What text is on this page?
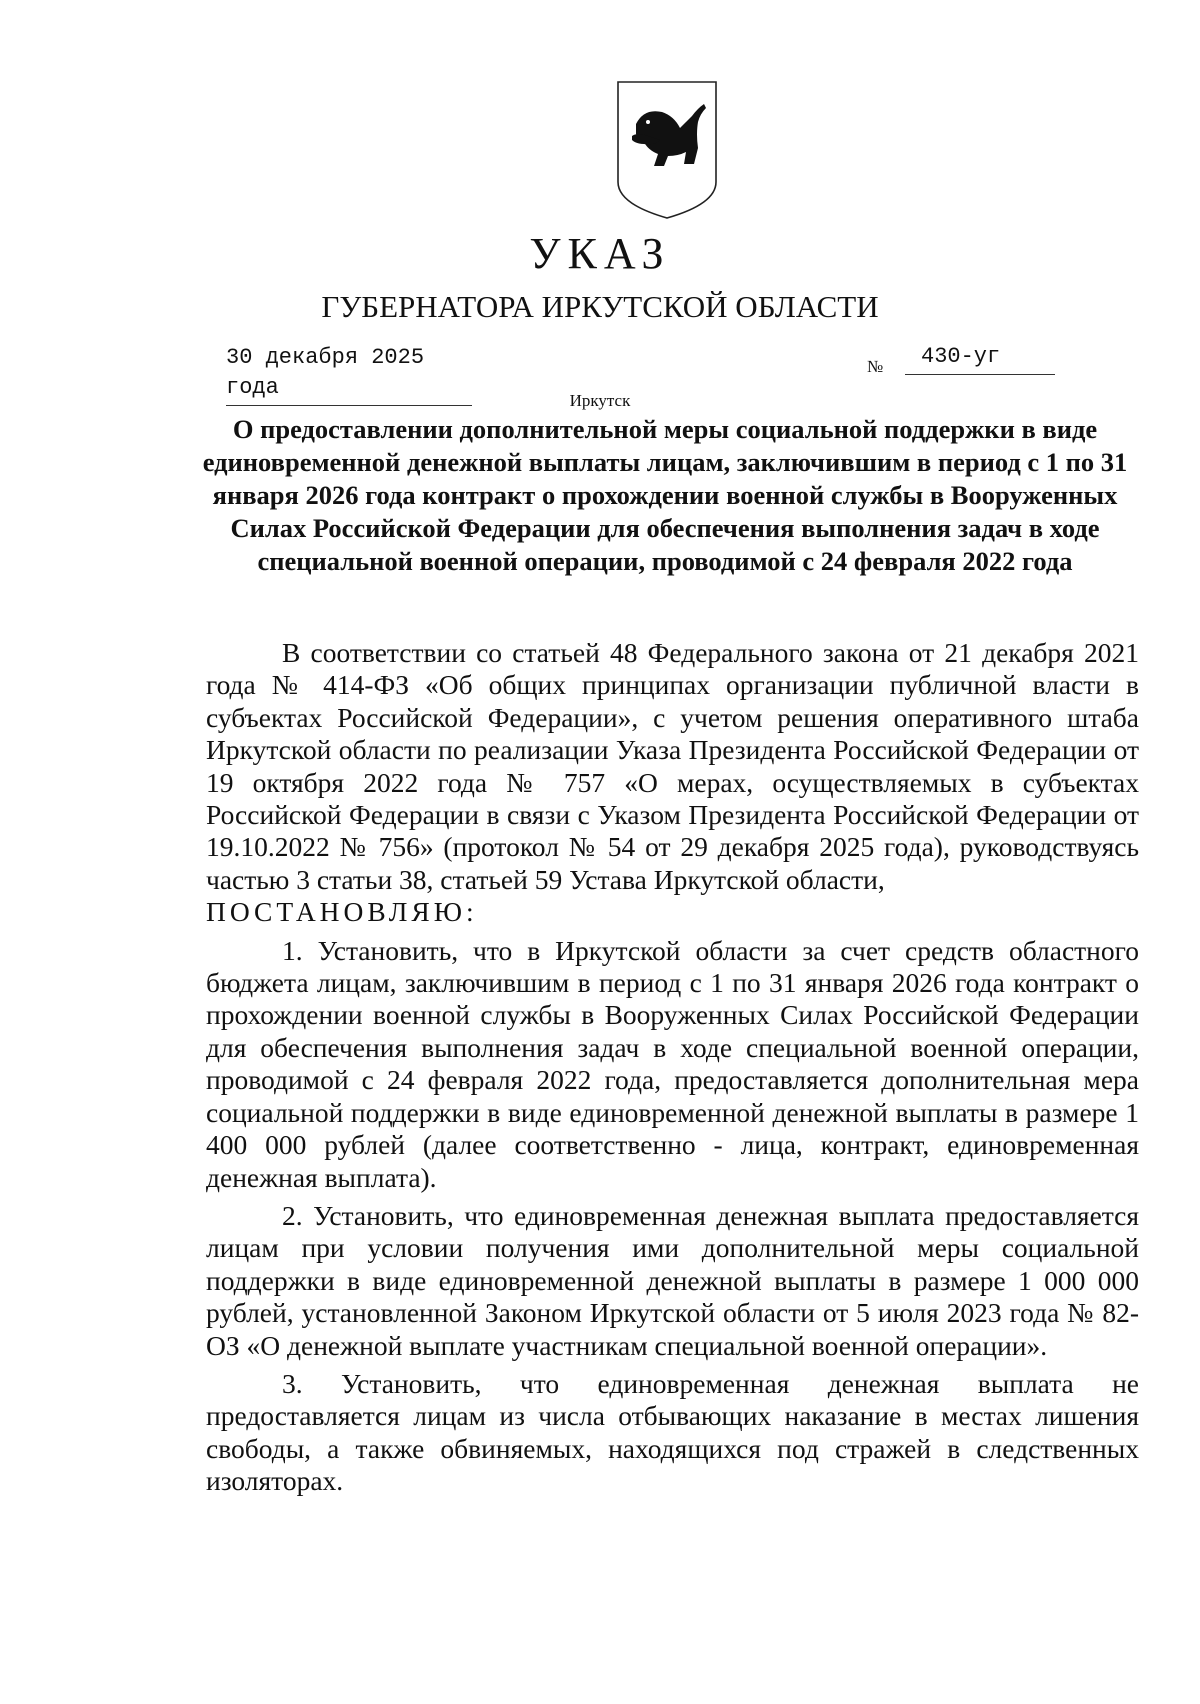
УКАЗ
ГУБЕРНАТОРА ИРКУТСКОЙ ОБЛАСТИ
30 декабря 2025 года
№	430-уг
Иркутск
О предоставлении дополнительной меры социальной поддержки в виде единовременной денежной выплаты лицам, заключившим в период с 1 по 31 января 2026 года контракт о прохождении военной службы в Вооруженных Силах Российской Федерации для обеспечения выполнения задач в ходе специальной военной операции, проводимой с 24 февраля 2022 года

В соответствии со статьей 48 Федерального закона от 21 декабря 2021 года № 414-ФЗ «Об общих принципах организации публичной власти в субъектах Российской Федерации», с учетом решения оперативного штаба Иркутской области по реализации Указа Президента Российской Федерации от 19 октября 2022 года № 757 «О мерах, осуществляемых в субъектах Российской Федерации в связи с Указом Президента Российской Федерации от 19.10.2022 № 756» (протокол № 54 от 29 декабря 2025 года), руководствуясь частью 3 статьи 38, статьей 59 Устава Иркутской области,

ПОСТАНОВЛЯЮ:

1. Установить, что в Иркутской области за счет средств областного бюджета лицам, заключившим в период с 1 по 31 января 2026 года контракт о прохождении военной службы в Вооруженных Силах Российской Федерации для обеспечения выполнения задач в ходе специальной военной операции, проводимой с 24 февраля 2022 года, предоставляется дополнительная мера социальной поддержки в виде единовременной денежной выплаты в размере 1 400 000 рублей (далее соответственно - лица, контракт, единовременная денежная выплата).

2. Установить, что единовременная денежная выплата предоставляется лицам при условии получения ими дополнительной меры социальной поддержки в виде единовременной денежной выплаты в размере 1 000 000 рублей, установленной Законом Иркутской области от 5 июля 2023 года № 82-ОЗ «О денежной выплате участникам специальной военной операции».

3. Установить, что единовременная денежная выплата не предоставляется лицам из числа отбывающих наказание в местах лишения свободы, а также обвиняемых, находящихся под стражей в следственных изоляторах.
